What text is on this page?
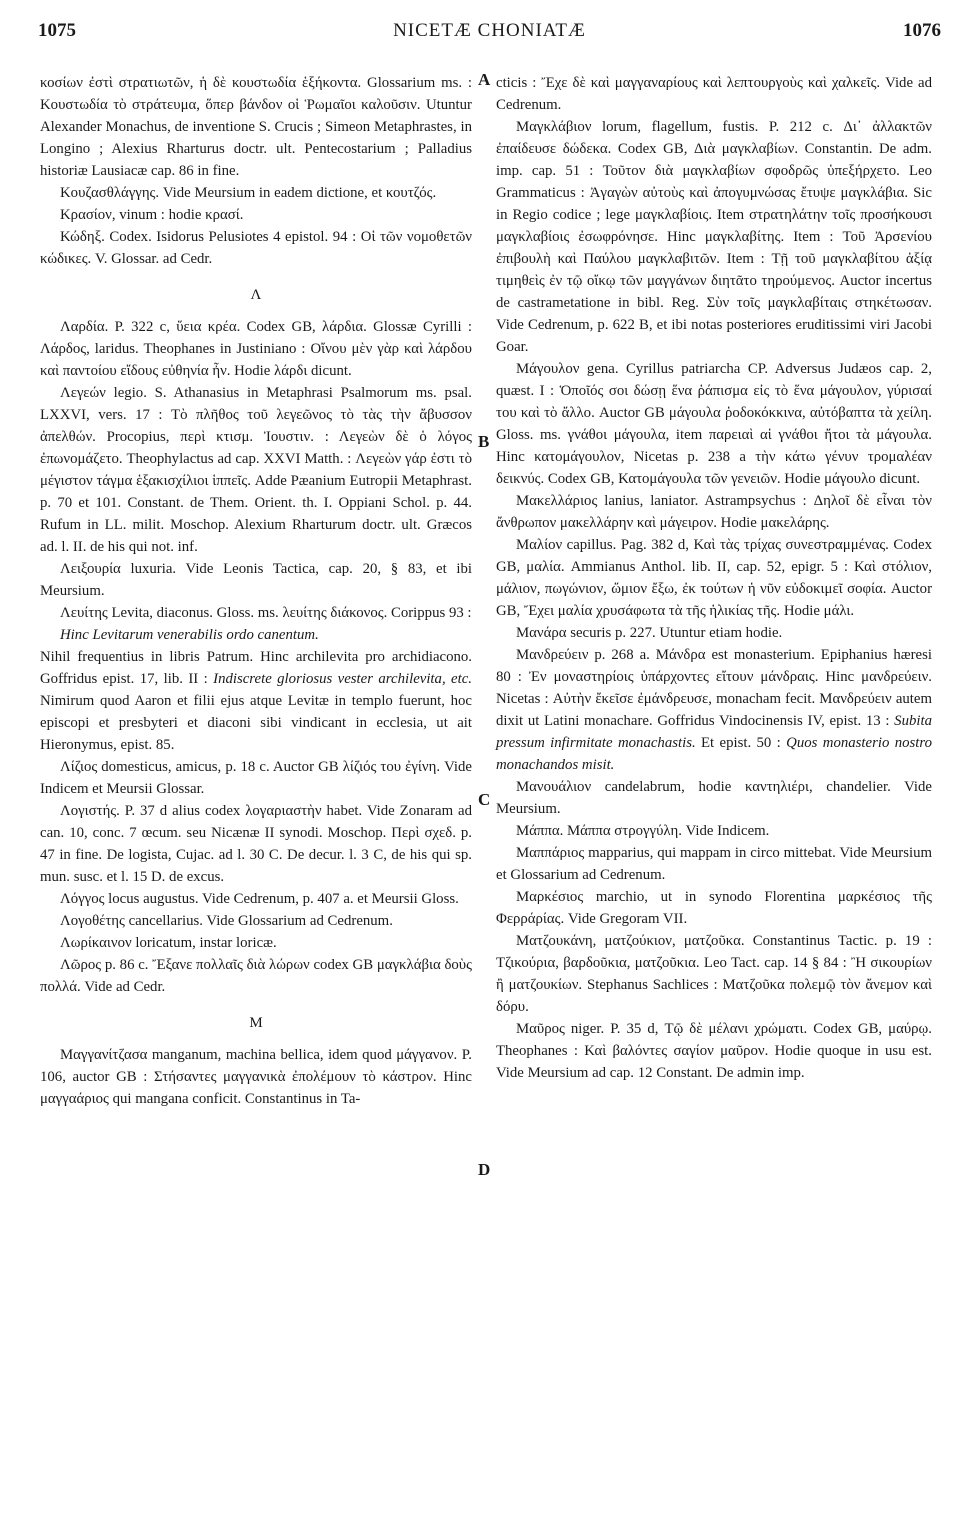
1075	NICETÆ CHONIATÆ	1076
A
B
C
D

κοσίων ἐστὶ στρατιωτῶν, ἡ δὲ κουστωδία ἑξήκοντα. Glossarium ms. : Κουστωδία τὸ στράτευμα, ὅπερ βάνδον οἱ Ῥωμαῖοι καλοῦσιν. Utuntur Alexander Monachus, de inventione S. Crucis ; Simeon Metaphrastes, in Longino ; Alexius Rharturus doctr. ult. Pentecostarium ; Palladius historiæ Lausiacæ cap. 86 in fine.

Κουζασθλάγγης. Vide Meursium in eadem dictione, et κουτζός.

Κρασίον, vinum : hodie κρασί.

Κώδηξ. Codex. Isidorus Pelusiotes 4 epistol. 94 : Οἱ τῶν νομοθετῶν κώδικες. V. Glossar. ad Cedr.

Λ

Λαρδία. P. 322 c, ὕεια κρέα. Codex GB, λάρδια. Glossæ Cyrilli : Λάρδος, laridus. Theophanes in Justiniano : Οἴνου μὲν γὰρ καὶ λάρδου καὶ παντοίου εἴδους εὐθηνία ἦν. Hodie λάρδι dicunt.

Λεγεών legio. S. Athanasius in Metaphrasi Psalmorum ms. psal. LXXVI, vers. 17 : Τὸ πλῆθος τοῦ λεγεῶνος τὸ τὰς τὴν ἄβυσσον ἀπελθών. Procopius, περὶ κτισμ. Ἰουστιν. : Λεγεὼν δὲ ὁ λόγος ἐπωνομάζετο. Theophylactus ad cap. XXVI Matth. : Λεγεὼν γάρ ἐστι τὸ μέγιστον τάγμα ἑξακισχίλιοι ἱππεῖς. Adde Pæanium Eutropii Metaphrast. p. 70 et 101. Constant. de Them. Orient. th. I. Oppiani Schol. p. 44. Rufum in LL. milit. Moschop. Alexium Rharturum doctr. ult. Græcos ad. l. II. de his qui not. inf.

Λειξουρία luxuria. Vide Leonis Tactica, cap. 20, § 83, et ibi Meursium.

Λευίτης Levita, diaconus. Gloss. ms. λευίτης διάκονος. Corippus 93 :

Hinc Levitarum venerabilis ordo canentum.

Nihil frequentius in libris Patrum. Hinc archilevita pro archidiacono. Goffridus epist. 17, lib. II : Indiscrete gloriosus vester archilevita, etc. Nimirum quod Aaron et filii ejus atque Levitæ in templo fuerunt, hoc episcopi et presbyteri et diaconi sibi vindicant in ecclesia, ut ait Hieronymus, epist. 85.

Λίζιος domesticus, amicus, p. 18 c. Auctor GB λίζιός του ἐγίνη. Vide Indicem et Meursii Glossar.

Λογιστής. P. 37 d alius codex λογαριαστὴν habet. Vide Zonaram ad can. 10, conc. 7 œcum. seu Nicænæ II synodi. Moschop. Περὶ σχεδ. p. 47 in fine. De logista, Cujac. ad l. 30 C. De decur. l. 3 C, de his qui sp. mun. susc. et l. 15 D. de excus.

Λόγγος locus augustus. Vide Cedrenum, p. 407 a. et Meursii Gloss.

Λογοθέτης cancellarius. Vide Glossarium ad Cedrenum.

Λωρίκαινον loricatum, instar loricæ.

Λῶρος p. 86 c. Ἔξανε πολλαῖς διὰ λώρων codex GB μαγκλάβια δοὺς πολλά. Vide ad Cedr.

M

Μαγγανίτζασα manganum, machina bellica, idem quod μάγγανον. P. 106, auctor GB : Στήσαντες μαγγανικὰ ἐπολέμουν τὸ κάστρον. Hinc μαγγαάριος qui mangana conficit. Constantinus in Ta-

cticis : Ἔχε δὲ καὶ μαγγαναρίους καὶ λεπτουργοὺς καὶ χαλκεῖς. Vide ad Cedrenum.

Μαγκλάβιον lorum, flagellum, fustis. P. 212 c. Δι᾽ ἀλλακτῶν ἐπαίδευσε δώδεκα. Codex GB, Διὰ μαγκλαβίων. Constantin. De adm. imp. cap. 51 : Τοῦτον διὰ μαγκλαβίων σφοδρῶς ὑπεξήρχετο. Leo Grammaticus : Ἀγαγὼν αὐτοὺς καὶ ἀπογυμνώσας ἔτυψε μαγκλάβια. Sic in Regio codice ; lege μαγκλαβίοις. Item στρατηλάτην τοῖς προσήκουσι μαγκλαβίοις ἐσωφρόνησε. Hinc μαγκλαβίτης. Item : Τοῦ Ἀρσενίου ἐπιβουλὴ καὶ Παύλου μαγκλαβιτῶν. Item : Τῇ τοῦ μαγκλαβίτου ἀξίᾳ τιμηθεὶς ἐν τῷ οἴκῳ τῶν μαγγάνων διητᾶτο τηρούμενος. Auctor incertus de castrametatione in bibl. Reg. Σὺν τοῖς μαγκλαβίταις στηκέτωσαν. Vide Cedrenum, p. 622 B, et ibi notas posteriores eruditissimi viri Jacobi Goar.

Μάγουλον gena. Cyrillus patriarcha CP. Adversus Judæos cap. 2, quæst. I : Ὁποῖός σοι δώσῃ ἕνα ῥάπισμα εἰς τὸ ἕνα μάγουλον, γύρισαί του καὶ τὸ ἄλλο. Auctor GB μάγουλα ῥοδοκόκκινα, αὐτόβαπτα τὰ χείλη. Gloss. ms. γνάθοι μάγουλα, item παρειαὶ αἱ γνάθοι ἤτοι τὰ μάγουλα. Hinc κατομάγουλον, Nicetas p. 238 a τὴν κάτω γένυν τρομαλέαν δεικνύς. Codex GB, Κατομάγουλα τῶν γενειῶν. Hodie μάγουλο dicunt.

Μακελλάριος lanius, laniator. Astrampsychus : Δηλοῖ δὲ εἶναι τὸν ἄνθρωπον μακελλάρην καὶ μάγειρον. Hodie μακελάρης.

Μαλίον capillus. Pag. 382 d, Καὶ τὰς τρίχας συνεστραμμένας. Codex GB, μαλία. Ammianus Anthol. lib. II, cap. 52, epigr. 5 : Καὶ στόλιον, μάλιον, πωγώνιον, ὤμιον ἔξω, ἐκ τούτων ἡ νῦν εὐδοκιμεῖ σοφία. Auctor GB, Ἔχει μαλία χρυσάφωτα τὰ τῆς ἡλικίας τῆς. Hodie μάλι.

Μανάρα securis p. 227. Utuntur etiam hodie.

Μανδρεύειν p. 268 a. Μάνδρα est monasterium. Epiphanius hæresi 80 : Ἐν μοναστηρίοις ὑπάρχοντες εἴτουν μάνδραις. Hinc μανδρεύειν. Nicetas : Αὐτὴν ἔκεῖσε ἐμάνδρευσε, monacham fecit. Μανδρεύειν autem dixit ut Latini monachare. Goffridus Vindocinensis IV, epist. 13 : Subita pressum infirmitate monachastis. Et epist. 50 : Quos monasterio nostro monachandos misit.

Μανουάλιον candelabrum, hodie καντηλιέρι, chandelier. Vide Meursium.

Μάππα. Μάππα στρογγύλη. Vide Indicem.

Μαππάριος mapparius, qui mappam in circo mittebat. Vide Meursium et Glossarium ad Cedrenum.

Μαρκέσιος marchio, ut in synodo Florentina μαρκέσιος τῆς Φερράρίας. Vide Gregoram VII.

Ματζουκάνη, ματζούκιον, ματζοῦκα. Constantinus Tactic. p. 19 : Τζικούρια, βαρδοῦκια, ματζοῦκια. Leo Tact. cap. 14 § 84 : Ἢ σικουρίων ἢ ματζουκίων. Stephanus Sachlices : Ματζοῦκα πολεμῷ τὸν ἄνεμον καὶ δόρυ.

Μαῦρος niger. P. 35 d, Τῷ δὲ μέλανι χρώματι. Codex GB, μαύρῳ. Theophanes : Καὶ βαλόντες σαγίον μαῦρον. Hodie quoque in usu est. Vide Meursium ad cap. 12 Constant. De admin imp.
